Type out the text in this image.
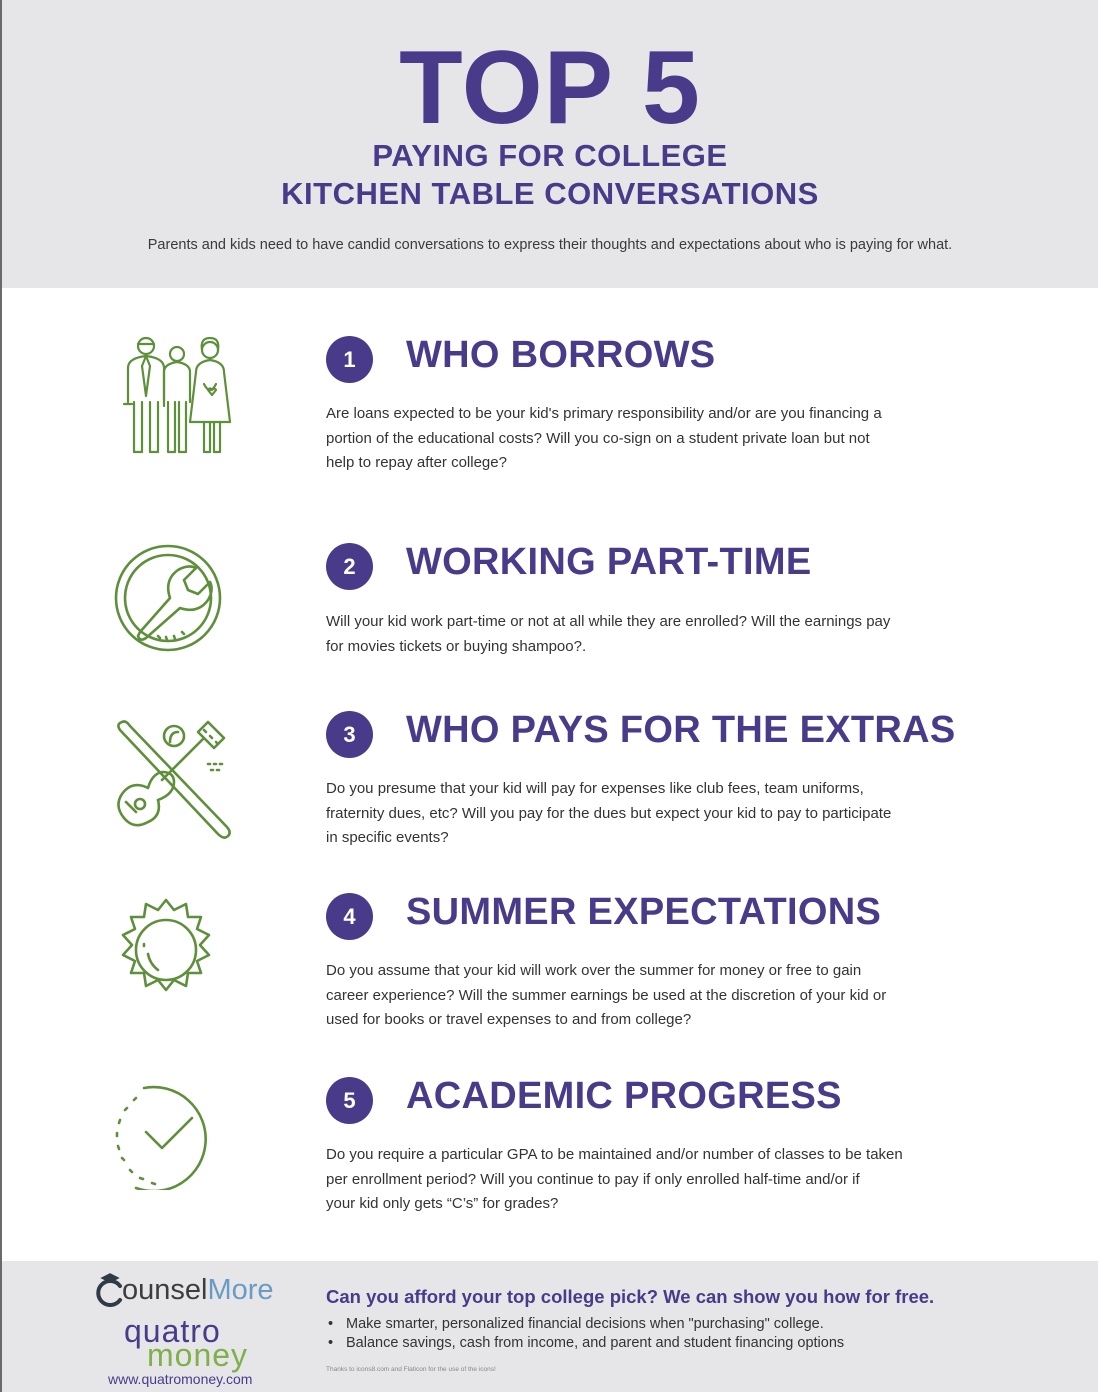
TOP 5
PAYING FOR COLLEGE
KITCHEN TABLE CONVERSATIONS
Parents and kids need to have candid conversations to express their thoughts and expectations about who is paying for what.
1	WHO BORROWS
Are loans expected to be your kid's primary responsibility and/or are you financing a
portion of the educational costs? Will you co-sign on a student private loan but not
help to repay after college?
2	WORKING PART-TIME
Will your kid work part-time or not at all while they are enrolled? Will the earnings pay
for movies tickets or buying shampoo?.
3	WHO PAYS FOR THE EXTRAS
Do you presume that your kid will pay for expenses like club fees, team uniforms,
fraternity dues, etc? Will you pay for the dues but expect your kid to pay to participate
in specific events?
4	SUMMER EXPECTATIONS
Do you assume that your kid will work over the summer for money or free to gain
career experience? Will the summer earnings be used at the discretion of your kid or
used for books or travel expenses to and from college?
5	ACADEMIC PROGRESS
Do you require a particular GPA to be maintained and/or number of classes to be taken
per enrollment period? Will you continue to pay if only enrolled half-time and/or if
your kid only gets “C’s” for grades?
ounselMore
quatro
money
www.quatromoney.com
Can you afford your top college pick? We can show you how for free.
• Make smarter, personalized financial decisions when "purchasing" college.
• Balance savings, cash from income, and parent and student financing options
Thanks to icons8.com and Flaticon for the use of the icons!
